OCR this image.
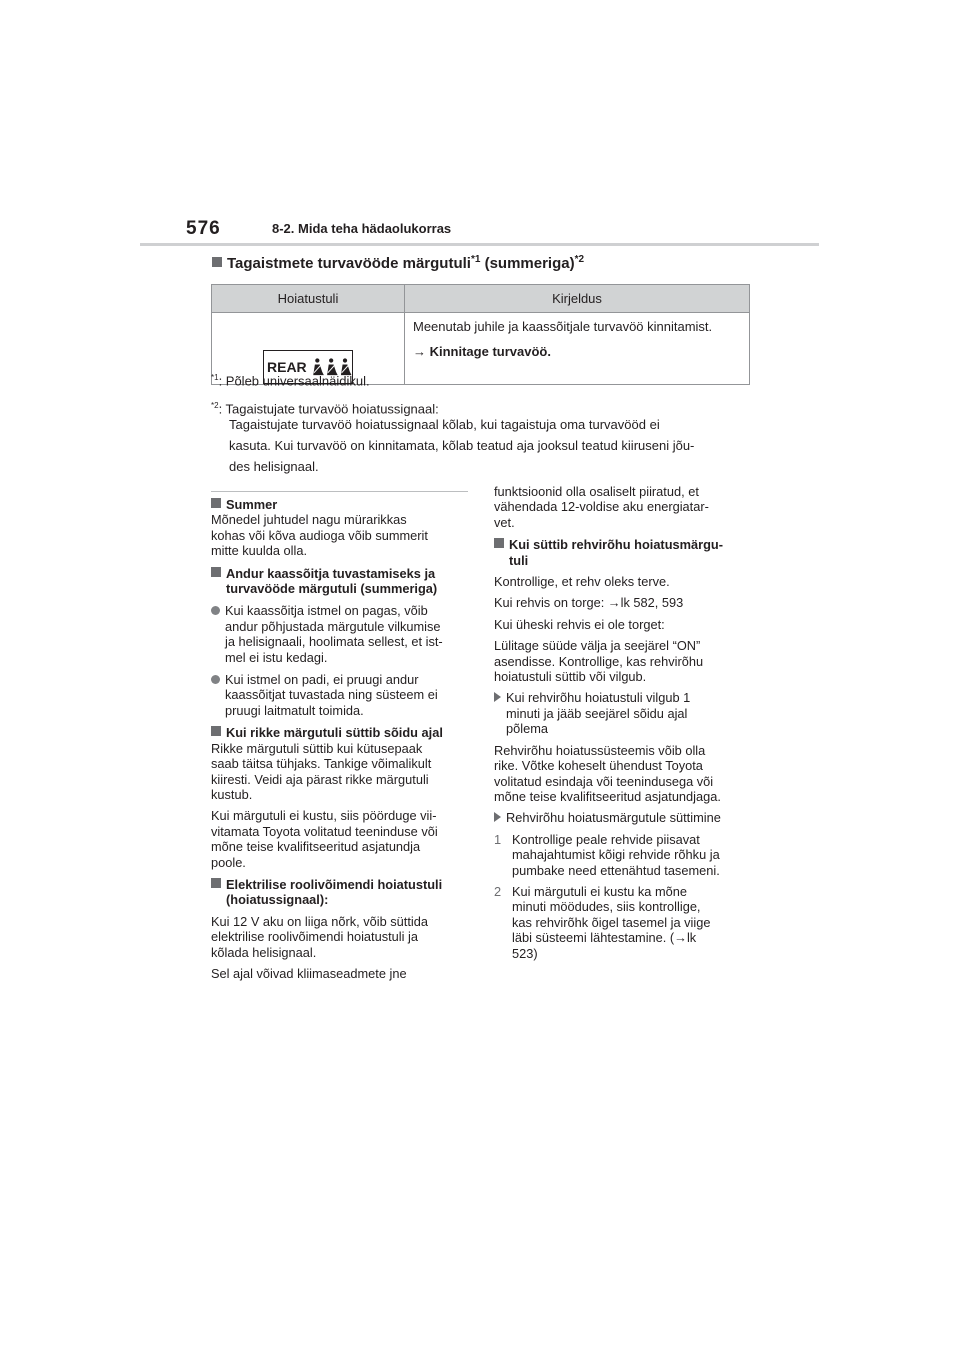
576	8-2. Mida teha hädaolukorras
Tagaistmete turvavööde märgutuli$^{*1}$ (summeriga)$^{*2}$
Hoiatustuli	Kirjeldus

REAR	Meenutab juhile ja kaassõitjale turvavöö kinnitamist.
→ Kinnitage turvavöö.
$^{*1}$: Põleb universaalnäidikul.
$^{*2}$: Tagaistujate turvavöö hoiatussignaal:
Tagaistujate turvavöö hoiatussignaal kõlab, kui tagaistuja oma turvavööd ei
kasuta. Kui turvavöö on kinnitamata, kõlab teatud aja jooksul teatud kiiruseni jõu-
des helisignaal.

Summer

Mõnedel juhtudel nagu mürarikkas

kohas või kõva audioga võib summerit

mitte kuulda olla.

Andur kaassõitja tuvastamiseks ja

turvavööde märgutuli (summeriga)

Kui kaassõitja istmel on pagas, võib

andur põhjustada märgutule vilkumise

ja helisignaali, hoolimata sellest, et ist-

mel ei istu kedagi.

Kui istmel on padi, ei pruugi andur

kaassõitjat tuvastada ning süsteem ei

pruugi laitmatult toimida.

Kui rikke märgutuli süttib sõidu ajal

Rikke märgutuli süttib kui kütusepaak

saab täitsa tühjaks. Tankige võimalikult

kiiresti. Veidi aja pärast rikke märgutuli

kustub.

Kui märgutuli ei kustu, siis pöörduge vii-

vitamata Toyota volitatud teeninduse või

mõne teise kvalifitseeritud asjatundja

poole.

Elektrilise roolivõimendi hoiatustuli

(hoiatussignaal):

Kui 12 V aku on liiga nõrk, võib süttida

elektrilise roolivõimendi hoiatustuli ja

kõlada helisignaal.

Sel ajal võivad kliimaseadmete jne

funktsioonid olla osaliselt piiratud, et

vähendada 12-voldise aku energiatar-

vet.

Kui süttib rehvirõhu hoiatusmärgu-

tuli

Kontrollige, et rehv oleks terve.

Kui rehvis on torge: →lk 582, 593

Kui üheski rehvis ei ole torget:

Lülitage süüde välja ja seejärel “ON”

asendisse. Kontrollige, kas rehvirõhu

hoiatustuli süttib või vilgub.

Kui rehvirõhu hoiatustuli vilgub 1

minuti ja jääb seejärel sõidu ajal

põlema

Rehvirõhu hoiatussüsteemis võib olla

rike. Võtke koheselt ühendust Toyota

volitatud esindaja või teenindusega või

mõne teise kvalifitseeritud asjatundjaga.

Rehvirõhu hoiatusmärgutule süttimine

1 Kontrollige peale rehvide piisavat

mahajahtumist kõigi rehvide rõhku ja

pumbake need ettenähtud tasemeni.

2 Kui märgutuli ei kustu ka mõne

minuti möödudes, siis kontrollige,

kas rehvirõhk õigel tasemel ja viige

läbi süsteemi lähtestamine. (→lk

523)
